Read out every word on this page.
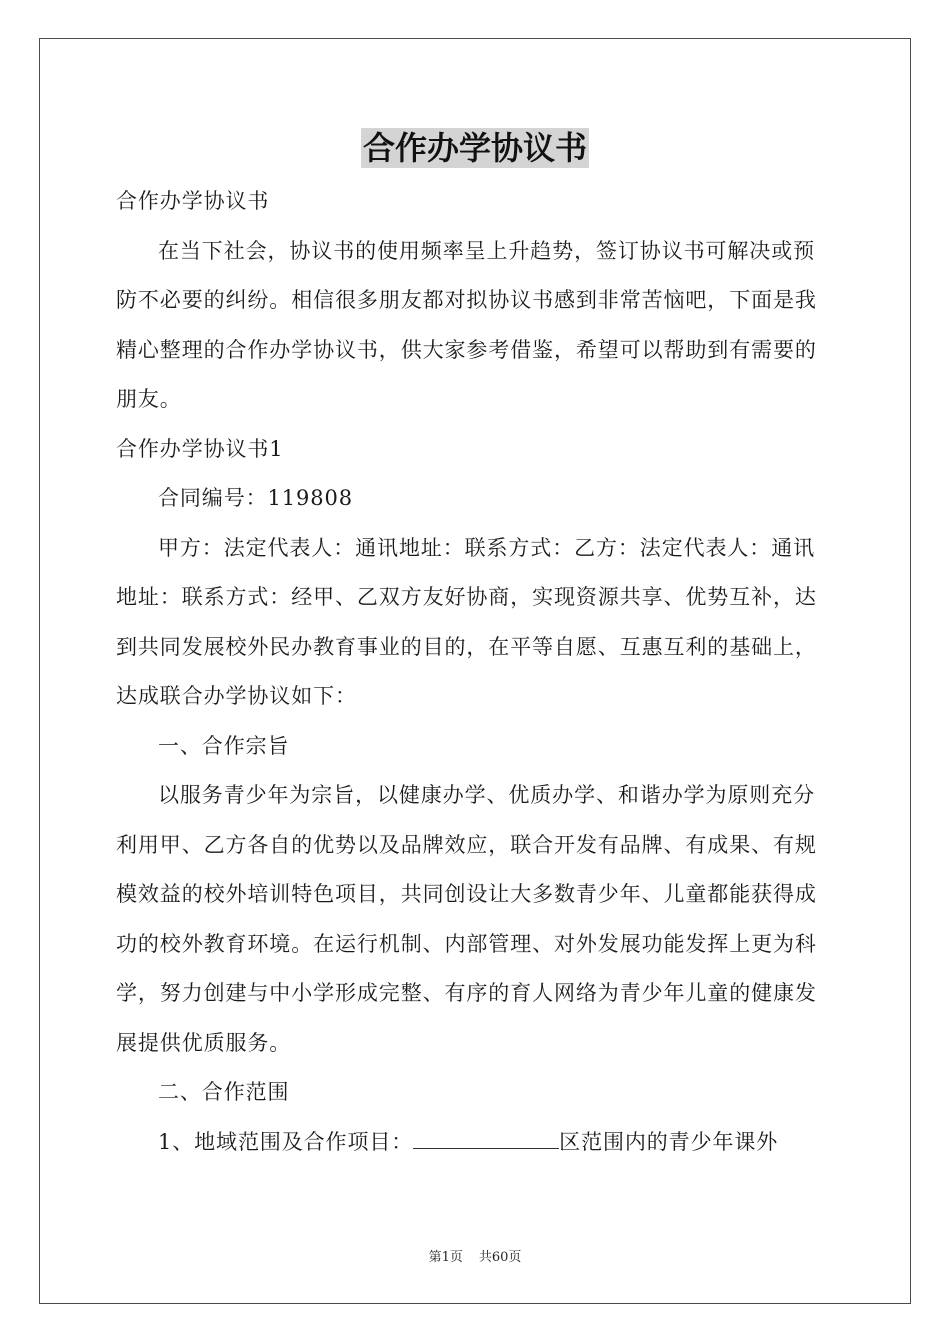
合作办学协议书

合作办学协议书

在当下社会，协议书的使用频率呈上升趋势，签订协议书可解决或预防不必要的纠纷。相信很多朋友都对拟协议书感到非常苦恼吧，下面是我精心整理的合作办学协议书，供大家参考借鉴，希望可以帮助到有需要的朋友。

合作办学协议书1

合同编号：119808

甲方：法定代表人：通讯地址：联系方式：乙方：法定代表人：通讯地址：联系方式：经甲、乙双方友好协商，实现资源共享、优势互补，达到共同发展校外民办教育事业的目的，在平等自愿、互惠互利的基础上，达成联合办学协议如下：

一、合作宗旨

以服务青少年为宗旨，以健康办学、优质办学、和谐办学为原则充分利用甲、乙方各自的优势以及品牌效应，联合开发有品牌、有成果、有规模效益的校外培训特色项目，共同创设让大多数青少年、儿童都能获得成功的校外教育环境。在运行机制、内部管理、对外发展功能发挥上更为科学，努力创建与中小学形成完整、有序的育人网络为青少年儿童的健康发展提供优质服务。

二、合作范围

1、地域范围及合作项目：	区范围内的青少年课外

第1页 共60页
